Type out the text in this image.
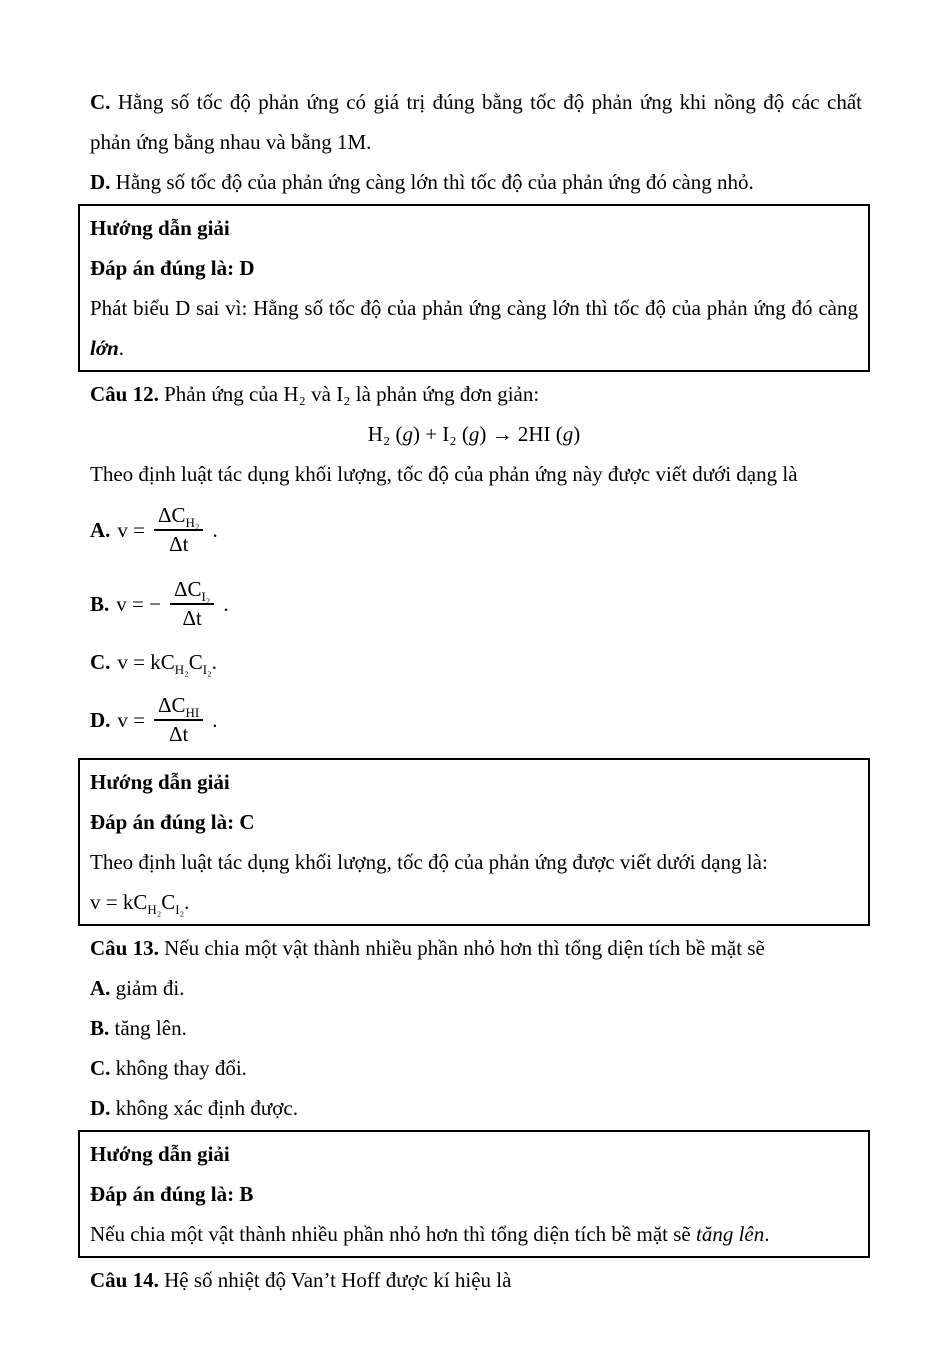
C. Hằng số tốc độ phản ứng có giá trị đúng bằng tốc độ phản ứng khi nồng độ các chất phản ứng bằng nhau và bằng 1M.

D. Hằng số tốc độ của phản ứng càng lớn thì tốc độ của phản ứng đó càng nhỏ.

Hướng dẫn giải

Đáp án đúng là: D

Phát biểu D sai vì: Hằng số tốc độ của phản ứng càng lớn thì tốc độ của phản ứng đó càng lớn.

Câu 12. Phản ứng của H₂ và I₂ là phản ứng đơn giản:

H₂ (g) + I₂ (g) → 2HI (g)

Theo định luật tác dụng khối lượng, tốc độ của phản ứng này được viết dưới dạng là

A. $v = \frac{\Delta C_{H_2}}{\Delta t}$ .
B. v = − $\frac{\Delta C_{I_2}}{\Delta t}$ .
C. $v = kC_{H_2}C_{I_2}$.
D. $v = \frac{\Delta C_{HI}}{\Delta t}$ .

Hướng dẫn giải

Đáp án đúng là: C

Theo định luật tác dụng khối lượng, tốc độ của phản ứng được viết dưới dạng là:

$v = kC_{H_2}C_{I_2}$.

Câu 13. Nếu chia một vật thành nhiều phần nhỏ hơn thì tổng diện tích bề mặt sẽ

A. giảm đi.

B. tăng lên.

C. không thay đổi.

D. không xác định được.

Hướng dẫn giải

Đáp án đúng là: B

Nếu chia một vật thành nhiều phần nhỏ hơn thì tổng diện tích bề mặt sẽ tăng lên.

Câu 14. Hệ số nhiệt độ Van’t Hoff được kí hiệu là
